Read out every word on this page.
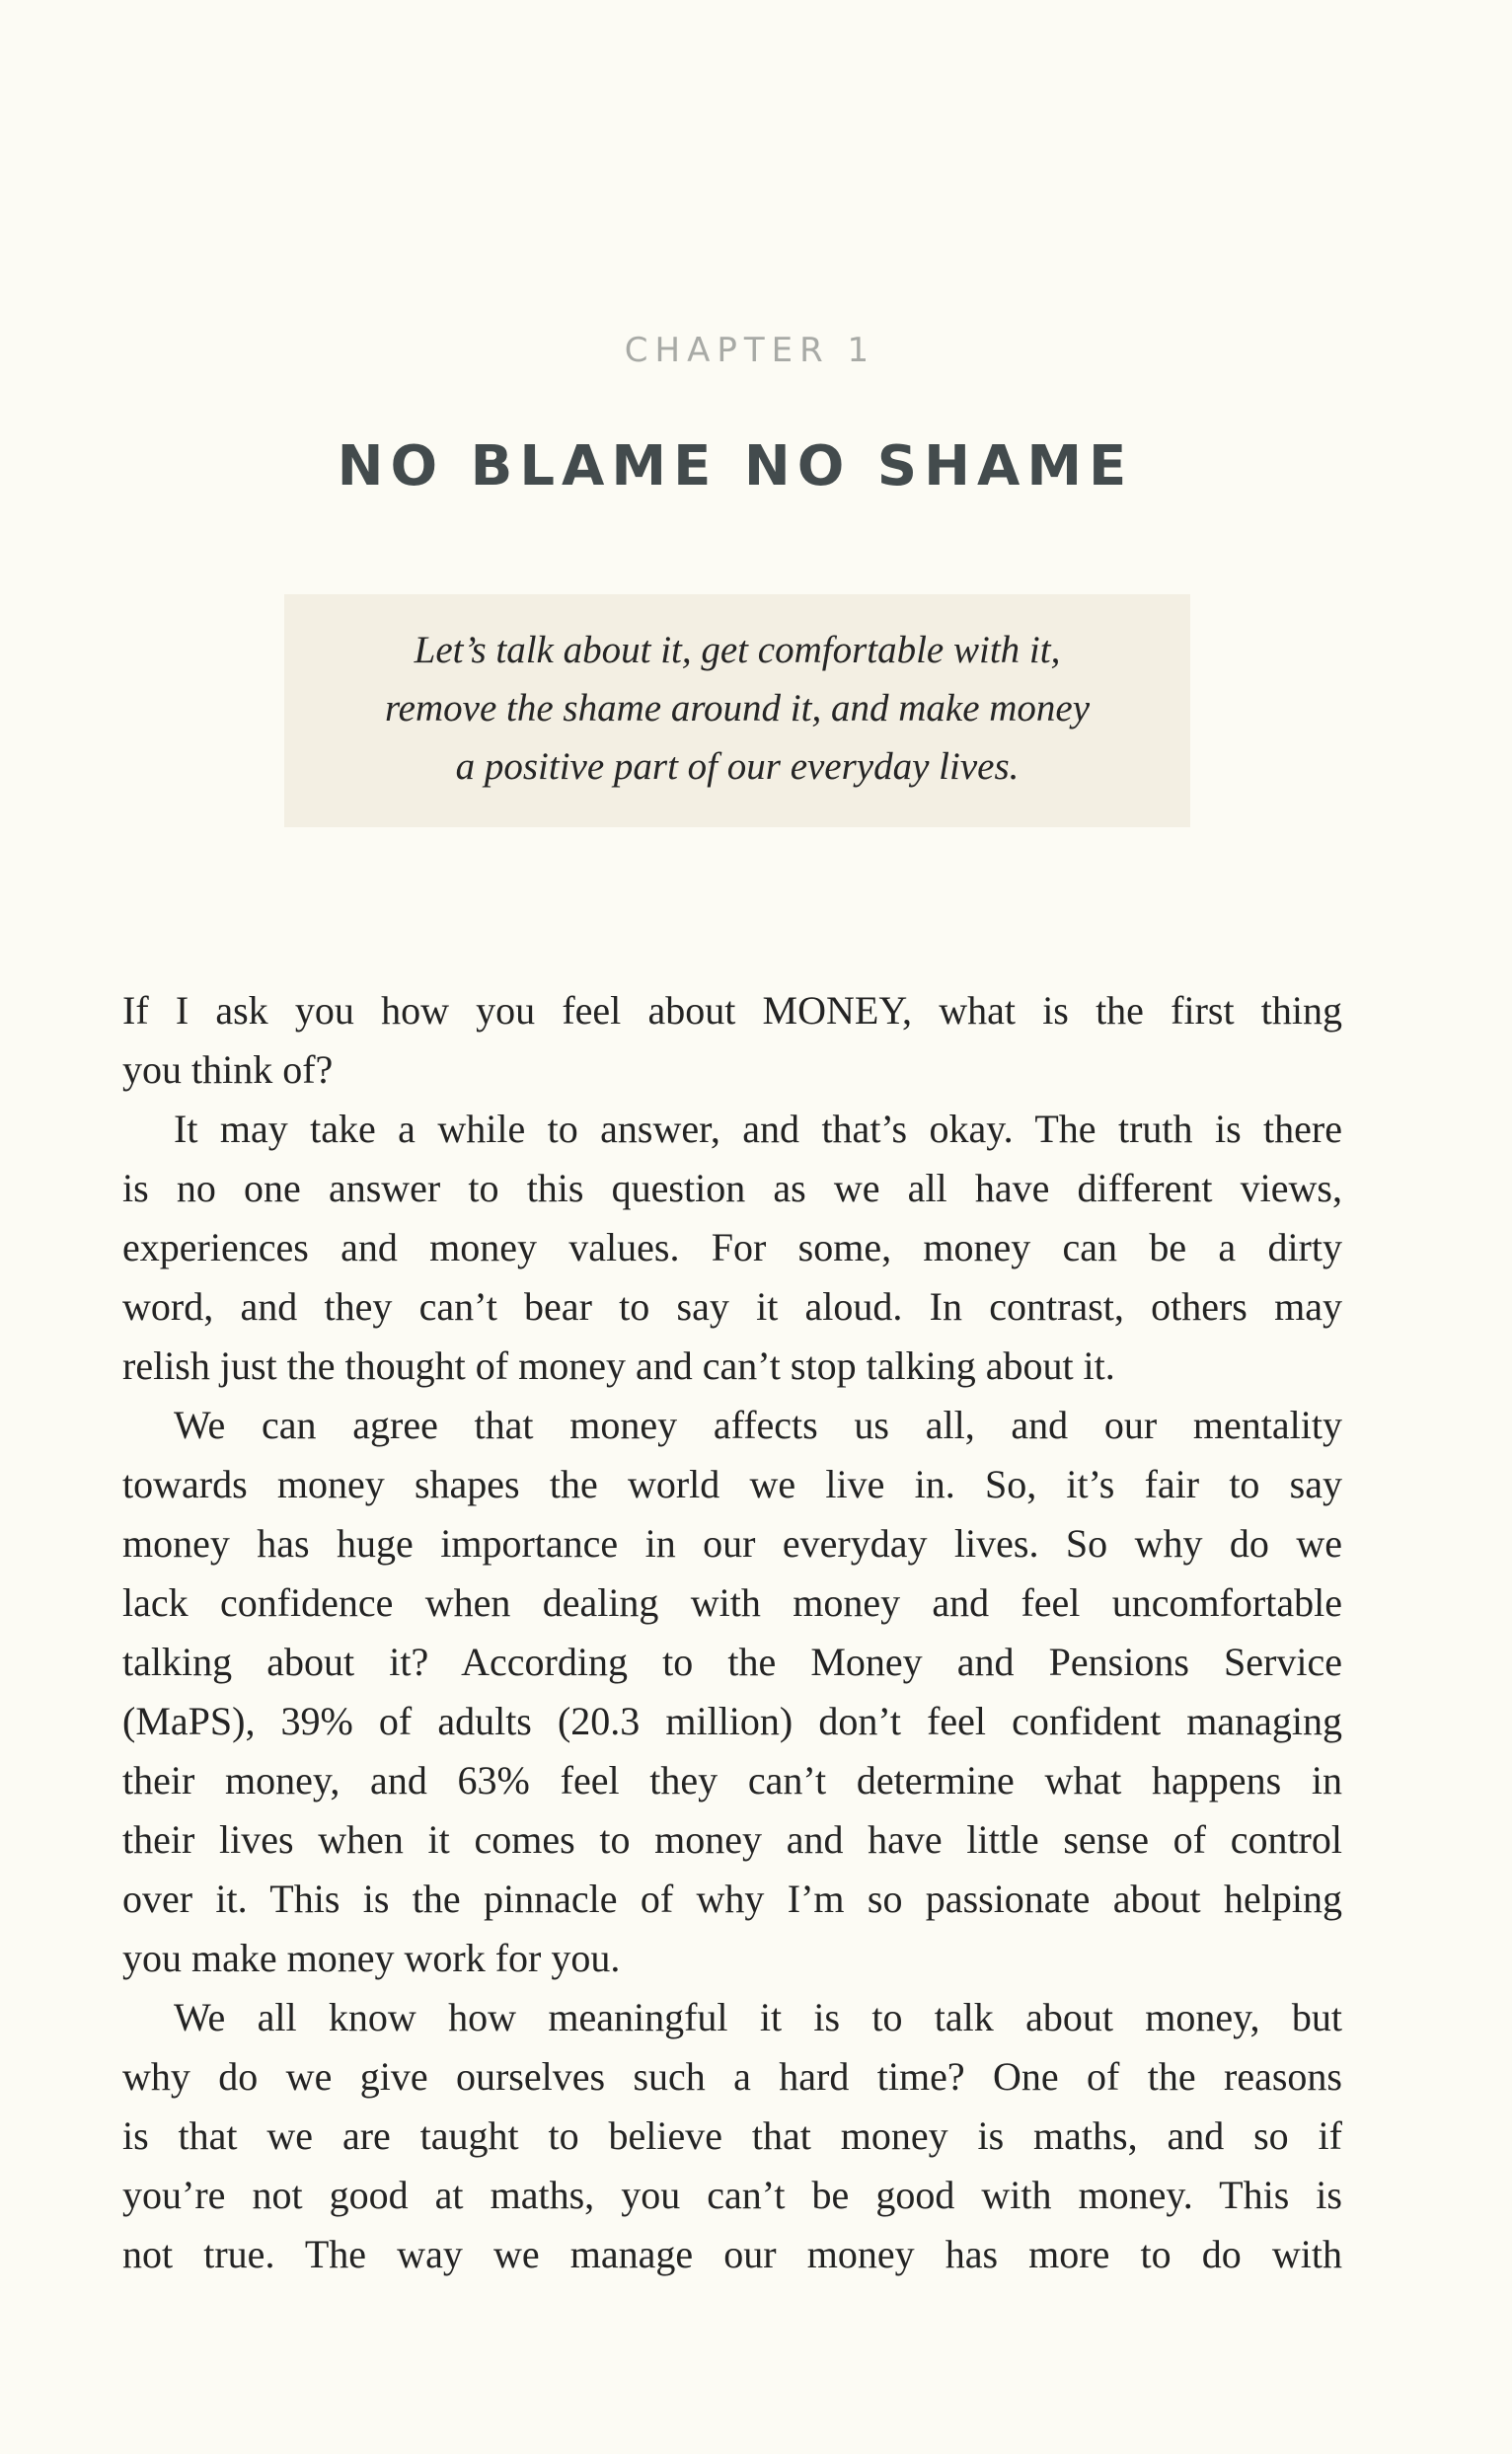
CHAPTER 1
NO BLAME NO SHAME
Let’s talk about it, get comfortable with it,
remove the shame around it, and make money
a positive part of our everyday lives.
If I ask you how you feel about MONEY, what is the first thing
you think of?
It may take a while to answer, and that’s okay. The truth is there
is no one answer to this question as we all have different views,
experiences and money values. For some, money can be a dirty
word, and they can’t bear to say it aloud. In contrast, others may
relish just the thought of money and can’t stop talking about it.
We can agree that money affects us all, and our mentality
towards money shapes the world we live in. So, it’s fair to say
money has huge importance in our everyday lives. So why do we
lack confidence when dealing with money and feel uncomfortable
talking about it? According to the Money and Pensions Service
(MaPS), 39% of adults (20.3 million) don’t feel confident managing
their money, and 63% feel they can’t determine what happens in
their lives when it comes to money and have little sense of control
over it. This is the pinnacle of why I’m so passionate about helping
you make money work for you.
We all know how meaningful it is to talk about money, but
why do we give ourselves such a hard time? One of the reasons
is that we are taught to believe that money is maths, and so if
you’re not good at maths, you can’t be good with money. This is
not true. The way we manage our money has more to do with
